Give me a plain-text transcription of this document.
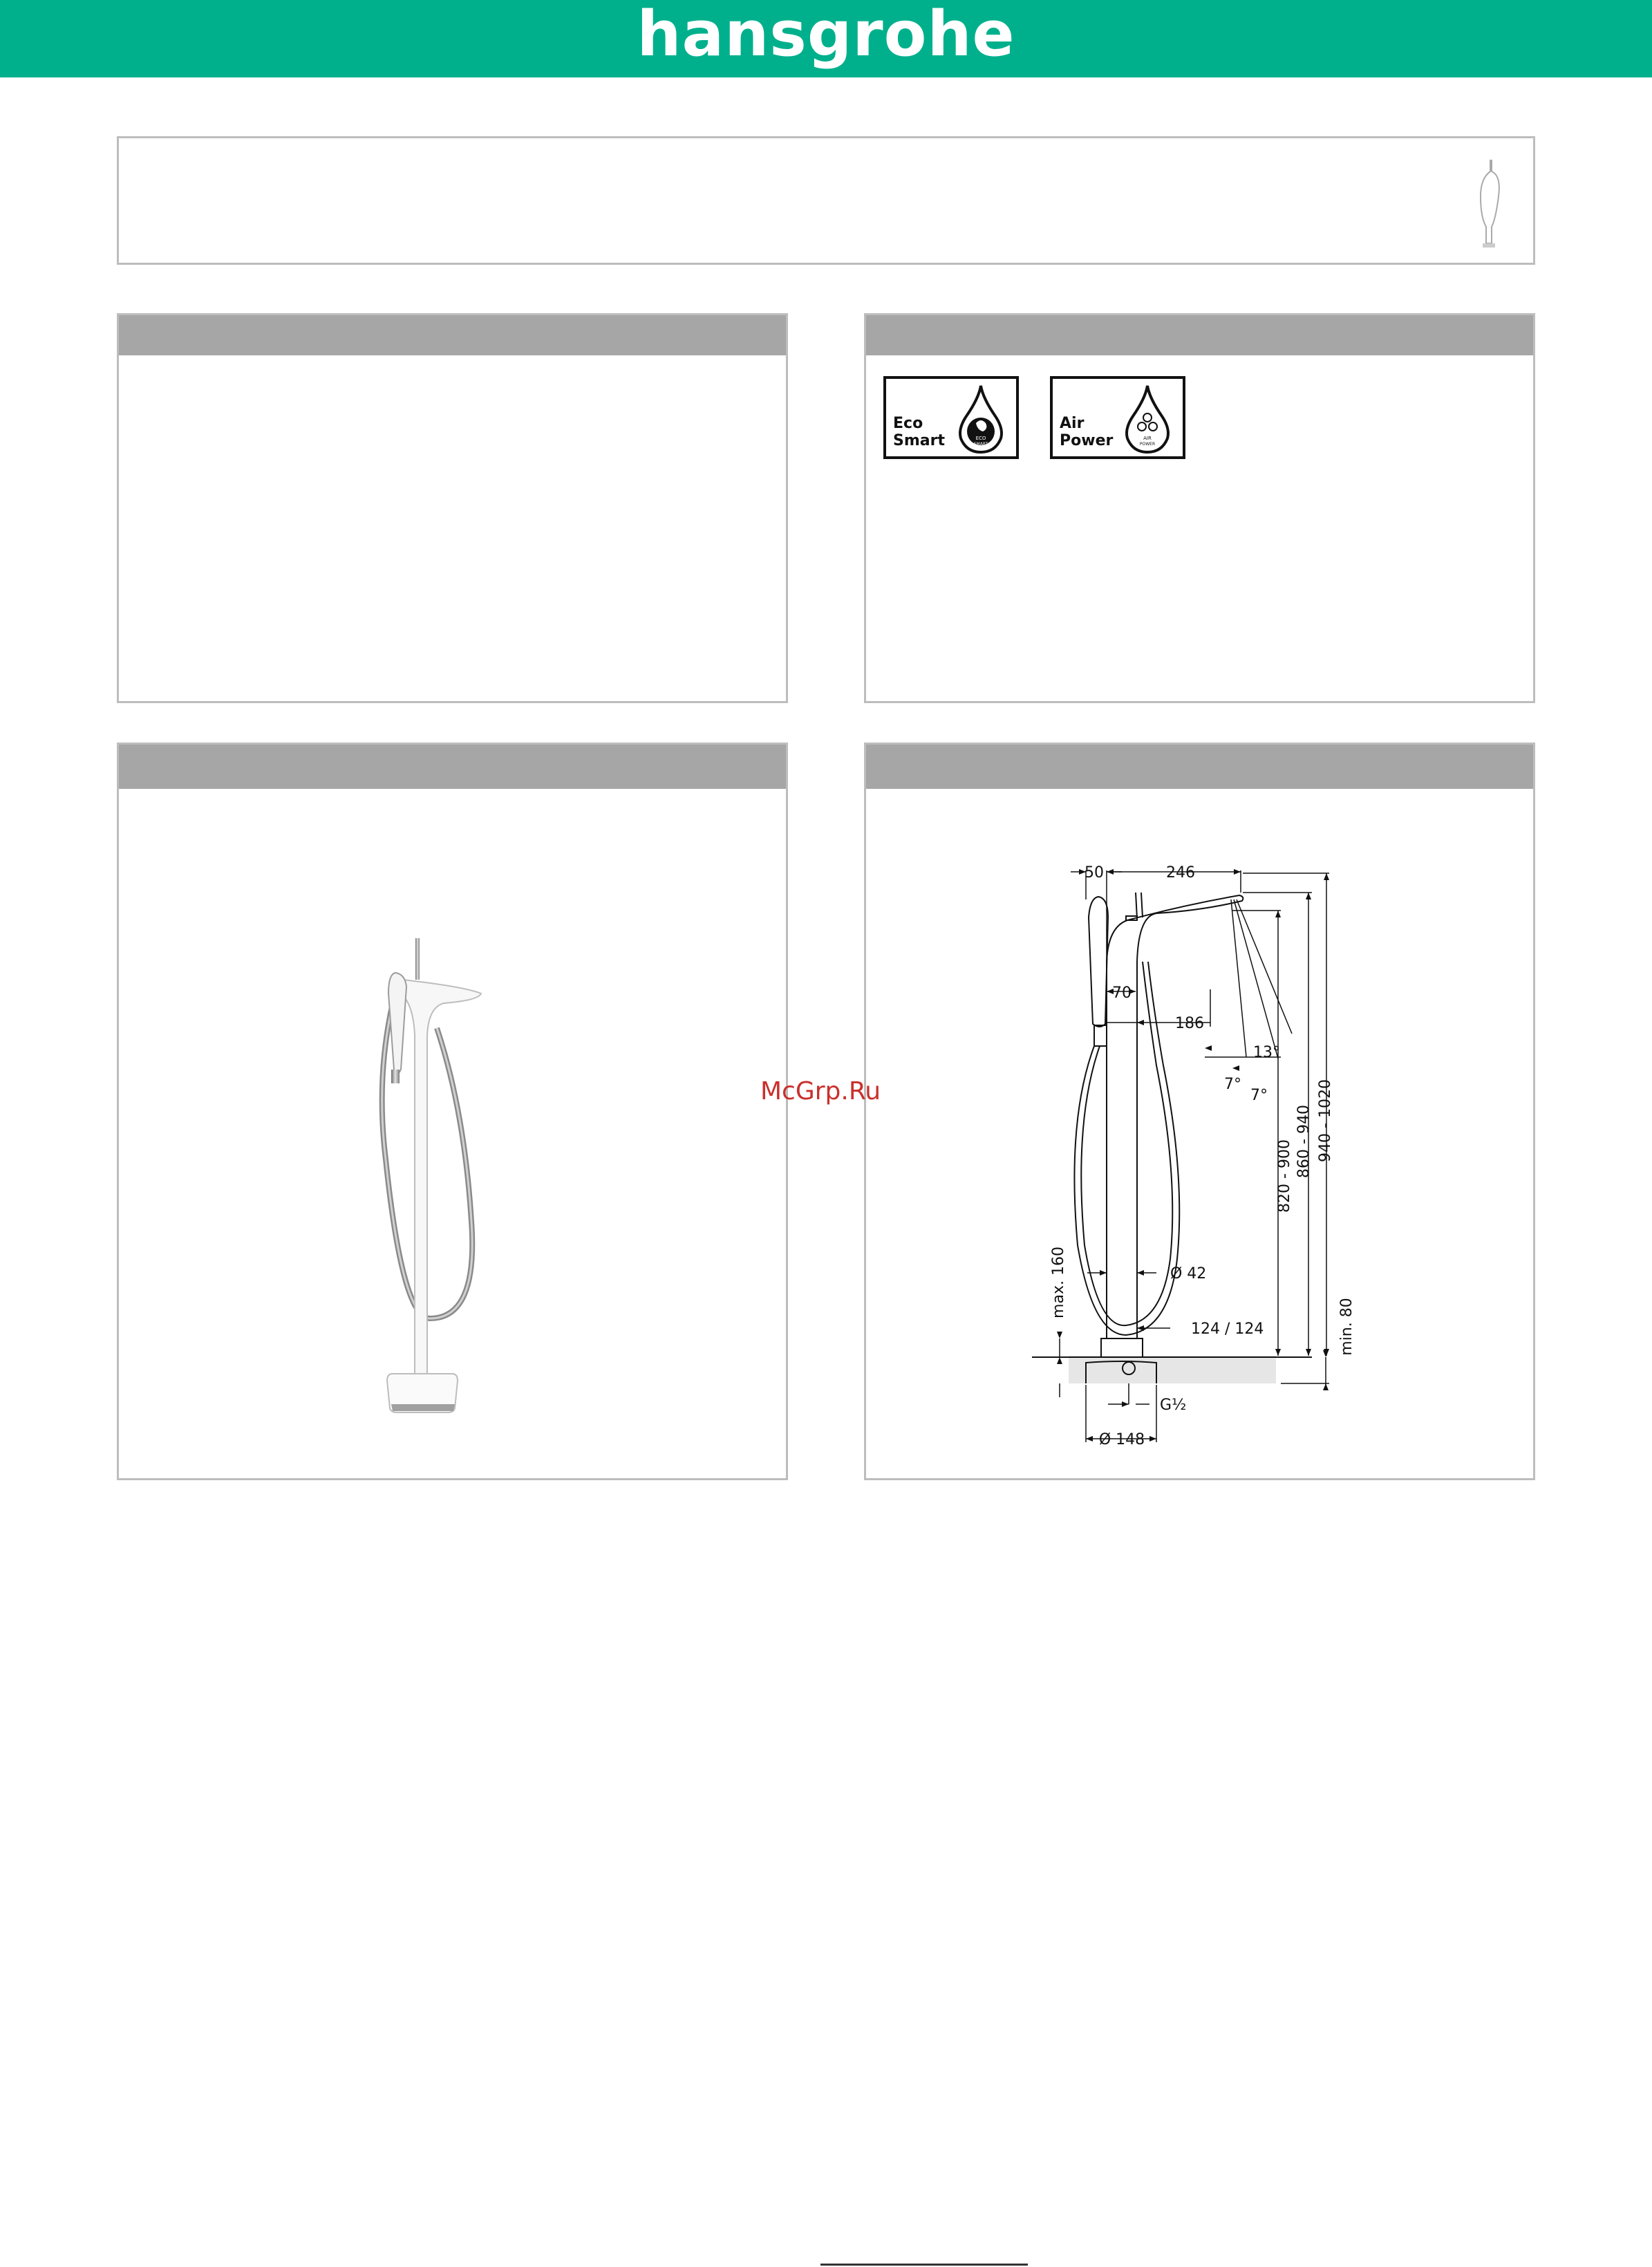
hansgrohe
Eco
Smart	ECO
SMART
Air
Power	AIR
POWER
50	246
70
186
13°
7°
7°
Ø 42
124 / 124
G½
Ø 148
820 - 900 860 - 940 940 - 1020
max. 160
min. 80
McGrp.Ru
